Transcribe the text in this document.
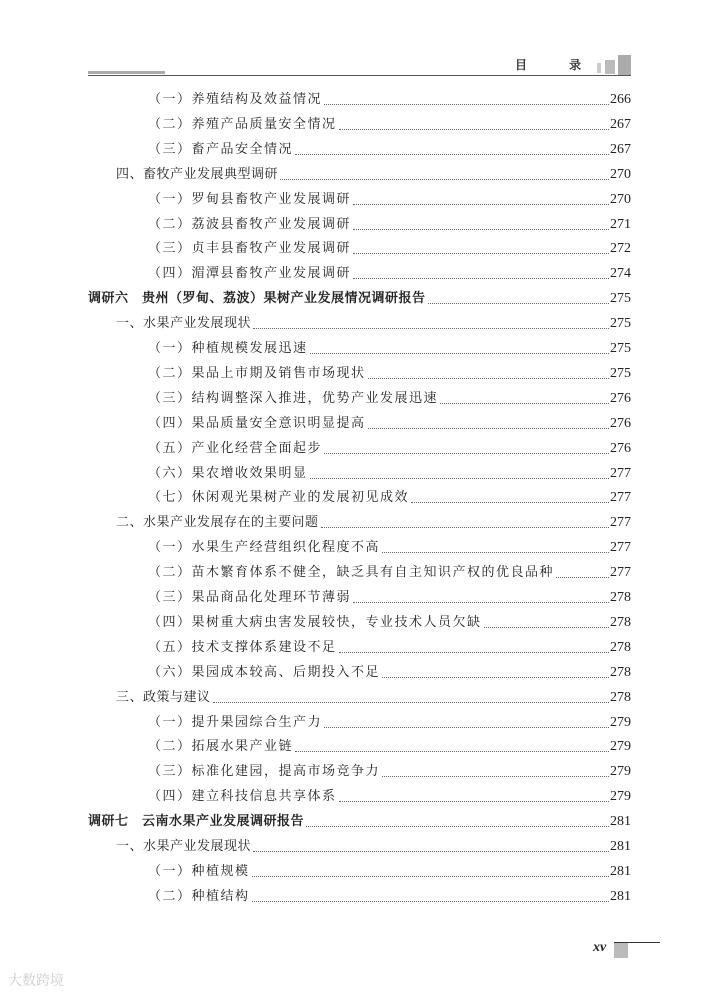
目 录
（一）养殖结构及效益情况	266
（二）养殖产品质量安全情况	267
（三）畜产品安全情况	267
四、畜牧产业发展典型调研	270
（一）罗甸县畜牧产业发展调研	270
（二）荔波县畜牧产业发展调研	271
（三）贞丰县畜牧产业发展调研	272
（四）湄潭县畜牧产业发展调研	274
调研六　贵州（罗甸、荔波）果树产业发展情况调研报告	275
一、水果产业发展现状	275
（一）种植规模发展迅速	275
（二）果品上市期及销售市场现状	275
（三）结构调整深入推进，优势产业发展迅速	276
（四）果品质量安全意识明显提高	276
（五）产业化经营全面起步	276
（六）果农增收效果明显	277
（七）休闲观光果树产业的发展初见成效	277
二、水果产业发展存在的主要问题	277
（一）水果生产经营组织化程度不高	277
（二）苗木繁育体系不健全，缺乏具有自主知识产权的优良品种	277
（三）果品商品化处理环节薄弱	278
（四）果树重大病虫害发展较快，专业技术人员欠缺	278
（五）技术支撑体系建设不足	278
（六）果园成本较高、后期投入不足	278
三、政策与建议	278
（一）提升果园综合生产力	279
（二）拓展水果产业链	279
（三）标准化建园，提高市场竞争力	279
（四）建立科技信息共享体系	279
调研七　云南水果产业发展调研报告	281
一、水果产业发展现状	281
（一）种植规模	281
（二）种植结构	281
xv
大数跨境
